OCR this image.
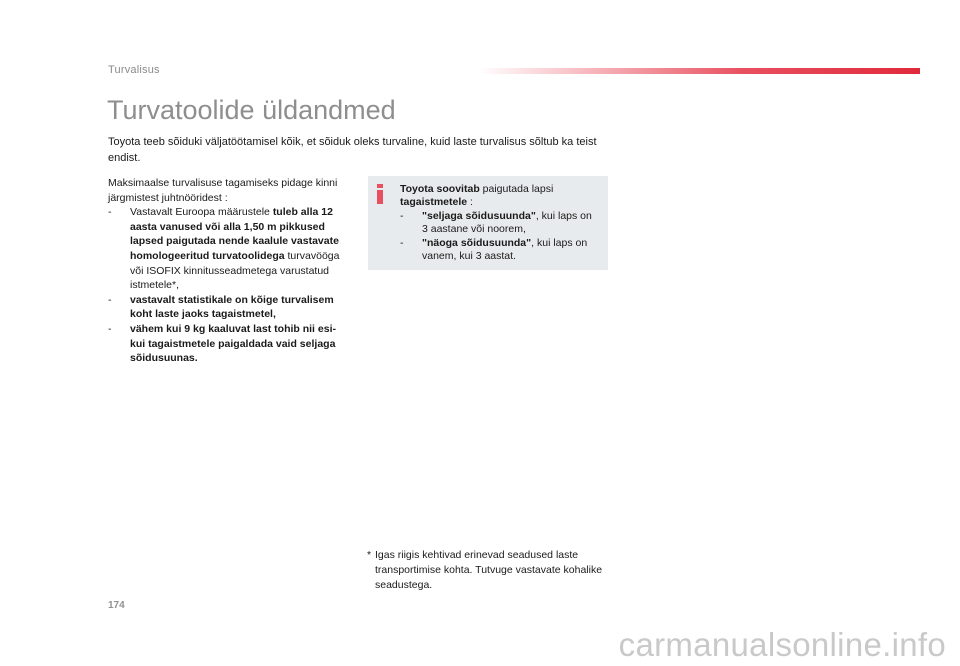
Turvalisus
Turvatoolide üldandmed

Toyota teeb sõiduki väljatöötamisel kõik, et sõiduk oleks turvaline, kuid laste turvalisus sõltub ka teist endist.

Maksimaalse turvalisuse tagamiseks pidage kinni järgmistest juhtnööridest :

- Vastavalt Euroopa määrustele tuleb alla 12 aasta vanused või alla 1,50 m pikkused lapsed paigutada nende kaalule vastavate homologeeritud turvatoolidega turvavööga või ISOFIX kinnitusseadmetega varustatud istmetele*,
- vastavalt statistikale on kõige turvalisem koht laste jaoks tagaistmetel,
- vähem kui 9 kg kaaluvat last tohib nii esi- kui tagaistmetele paigaldada vaid seljaga sõidusuunas.

Toyota soovitab paigutada lapsi tagaistmetele :

- "seljaga sõidusuunda", kui laps on 3 aastane või noorem,
- "näoga sõidusuunda", kui laps on vanem, kui 3 aastat.
* Igas riigis kehtivad erinevad seadused laste transportimise kohta. Tutvuge vastavate kohalike seadustega.
174
carmanualsonline.info
